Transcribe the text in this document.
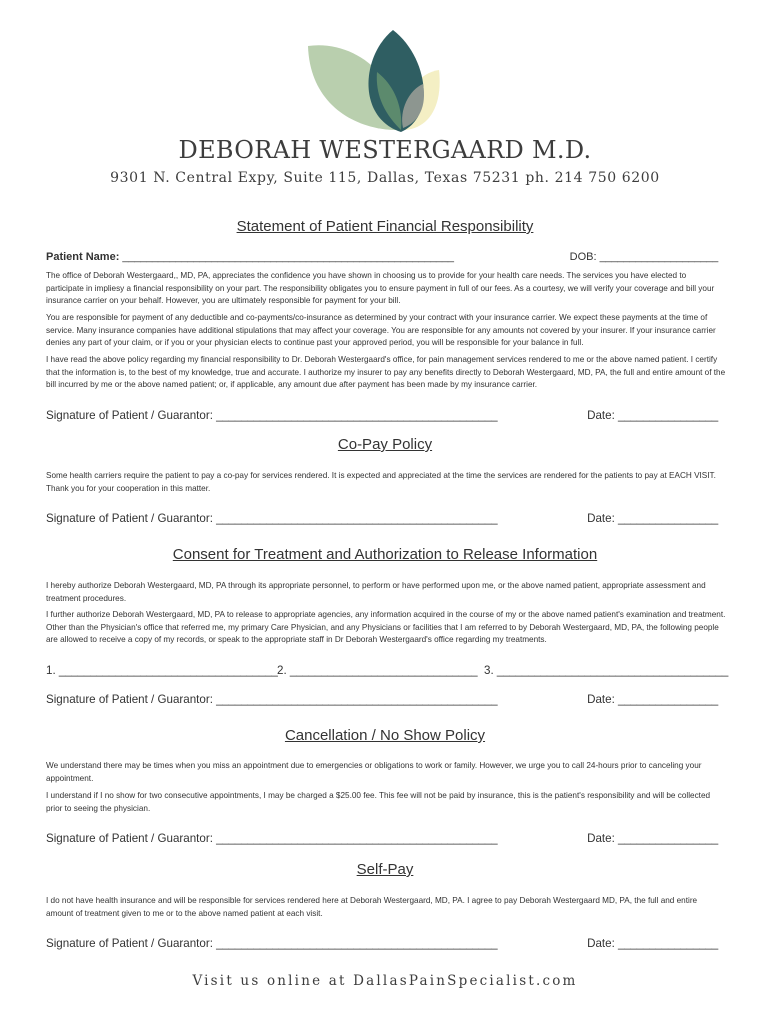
DEBORAH WESTERGAARD M.D.
9301 N. Central Expy, Suite 115, Dallas, Texas 75231 ph. 214 750 6200
Statement of Patient Financial Responsibility
Patient Name: ________________________________________________________	DOB: ____________________
The office of Deborah Westergaard,, MD, PA, appreciates the confidence you have shown in choosing us to provide for your health care needs. The services you have elected to participate in impliesy a financial responsibility on your part. The responsibility obligates you to ensure payment in full of our fees. As a courtesy, we will verify your coverage and bill your insurance carrier on your behalf. However, you are ultimately responsible for payment for your bill.
You are responsible for payment of any deductible and co-payments/co-insurance as determined by your contract with your insurance carrier. We expect these payments at the time of service. Many insurance companies have additional stipulations that may affect your coverage. You are responsible for any amounts not covered by your insurer. If your insurance carrier denies any part of your claim, or if you or your physician elects to continue past your approved period, you will be responsible for your balance in full.
I have read the above policy regarding my financial responsibility to Dr. Deborah Westergaard's office, for pain management services rendered to me or the above named patient. I certify that the information is, to the best of my knowledge, true and accurate. I authorize my insurer to pay any benefits directly to Deborah Westergaard, MD, PA, the full and entire amount of the bill incurred by me or the above named patient; or, if applicable, any amount due after payment has been made by my insurance carrier.
Signature of Patient / Guarantor: _____________________________________________	Date: ________________
Co-Pay Policy
Some health carriers require the patient to pay a co-pay for services rendered. It is expected and appreciated at the time the services are rendered for the patients to pay at EACH VISIT. Thank you for your cooperation in this matter.
Signature of Patient / Guarantor: _____________________________________________	Date: ________________
Consent for Treatment and Authorization to Release Information
I hereby authorize Deborah Westergaard, MD, PA through its appropriate personnel, to perform or have performed upon me, or the above named patient, appropriate assessment and treatment procedures.
I further authorize Deborah Westergaard, MD, PA to release to appropriate agencies, any information acquired in the course of my or the above named patient's examination and treatment. Other than the Physician's office that referred me, my primary Care Physician, and any Physicians or facilities that I am referred to by Deborah Westergaard, MD, PA, the following people are allowed to receive a copy of my records, or speak to the appropriate staff in Dr Deborah Westergaard's office regarding my treatments.
1. ___________________________________ 2. ______________________________ 3. _____________________________________
Signature of Patient / Guarantor: _____________________________________________	Date: ________________
Cancellation / No Show Policy
We understand there may be times when you miss an appointment due to emergencies or obligations to work or family. However, we urge you to call 24-hours prior to canceling your appointment.
I understand if I no show for two consecutive appointments, I may be charged a $25.00 fee. This fee will not be paid by insurance, this is the patient's responsibility and will be collected prior to seeing the physician.
Signature of Patient / Guarantor: _____________________________________________	Date: ________________
Self-Pay
I do not have health insurance and will be responsible for services rendered here at Deborah Westergaard, MD, PA. I agree to pay Deborah Westergaard MD, PA, the full and entire amount of treatment given to me or to the above named patient at each visit.
Signature of Patient / Guarantor: _____________________________________________	Date: ________________
Visit us online at DallasPainSpecialist.com
